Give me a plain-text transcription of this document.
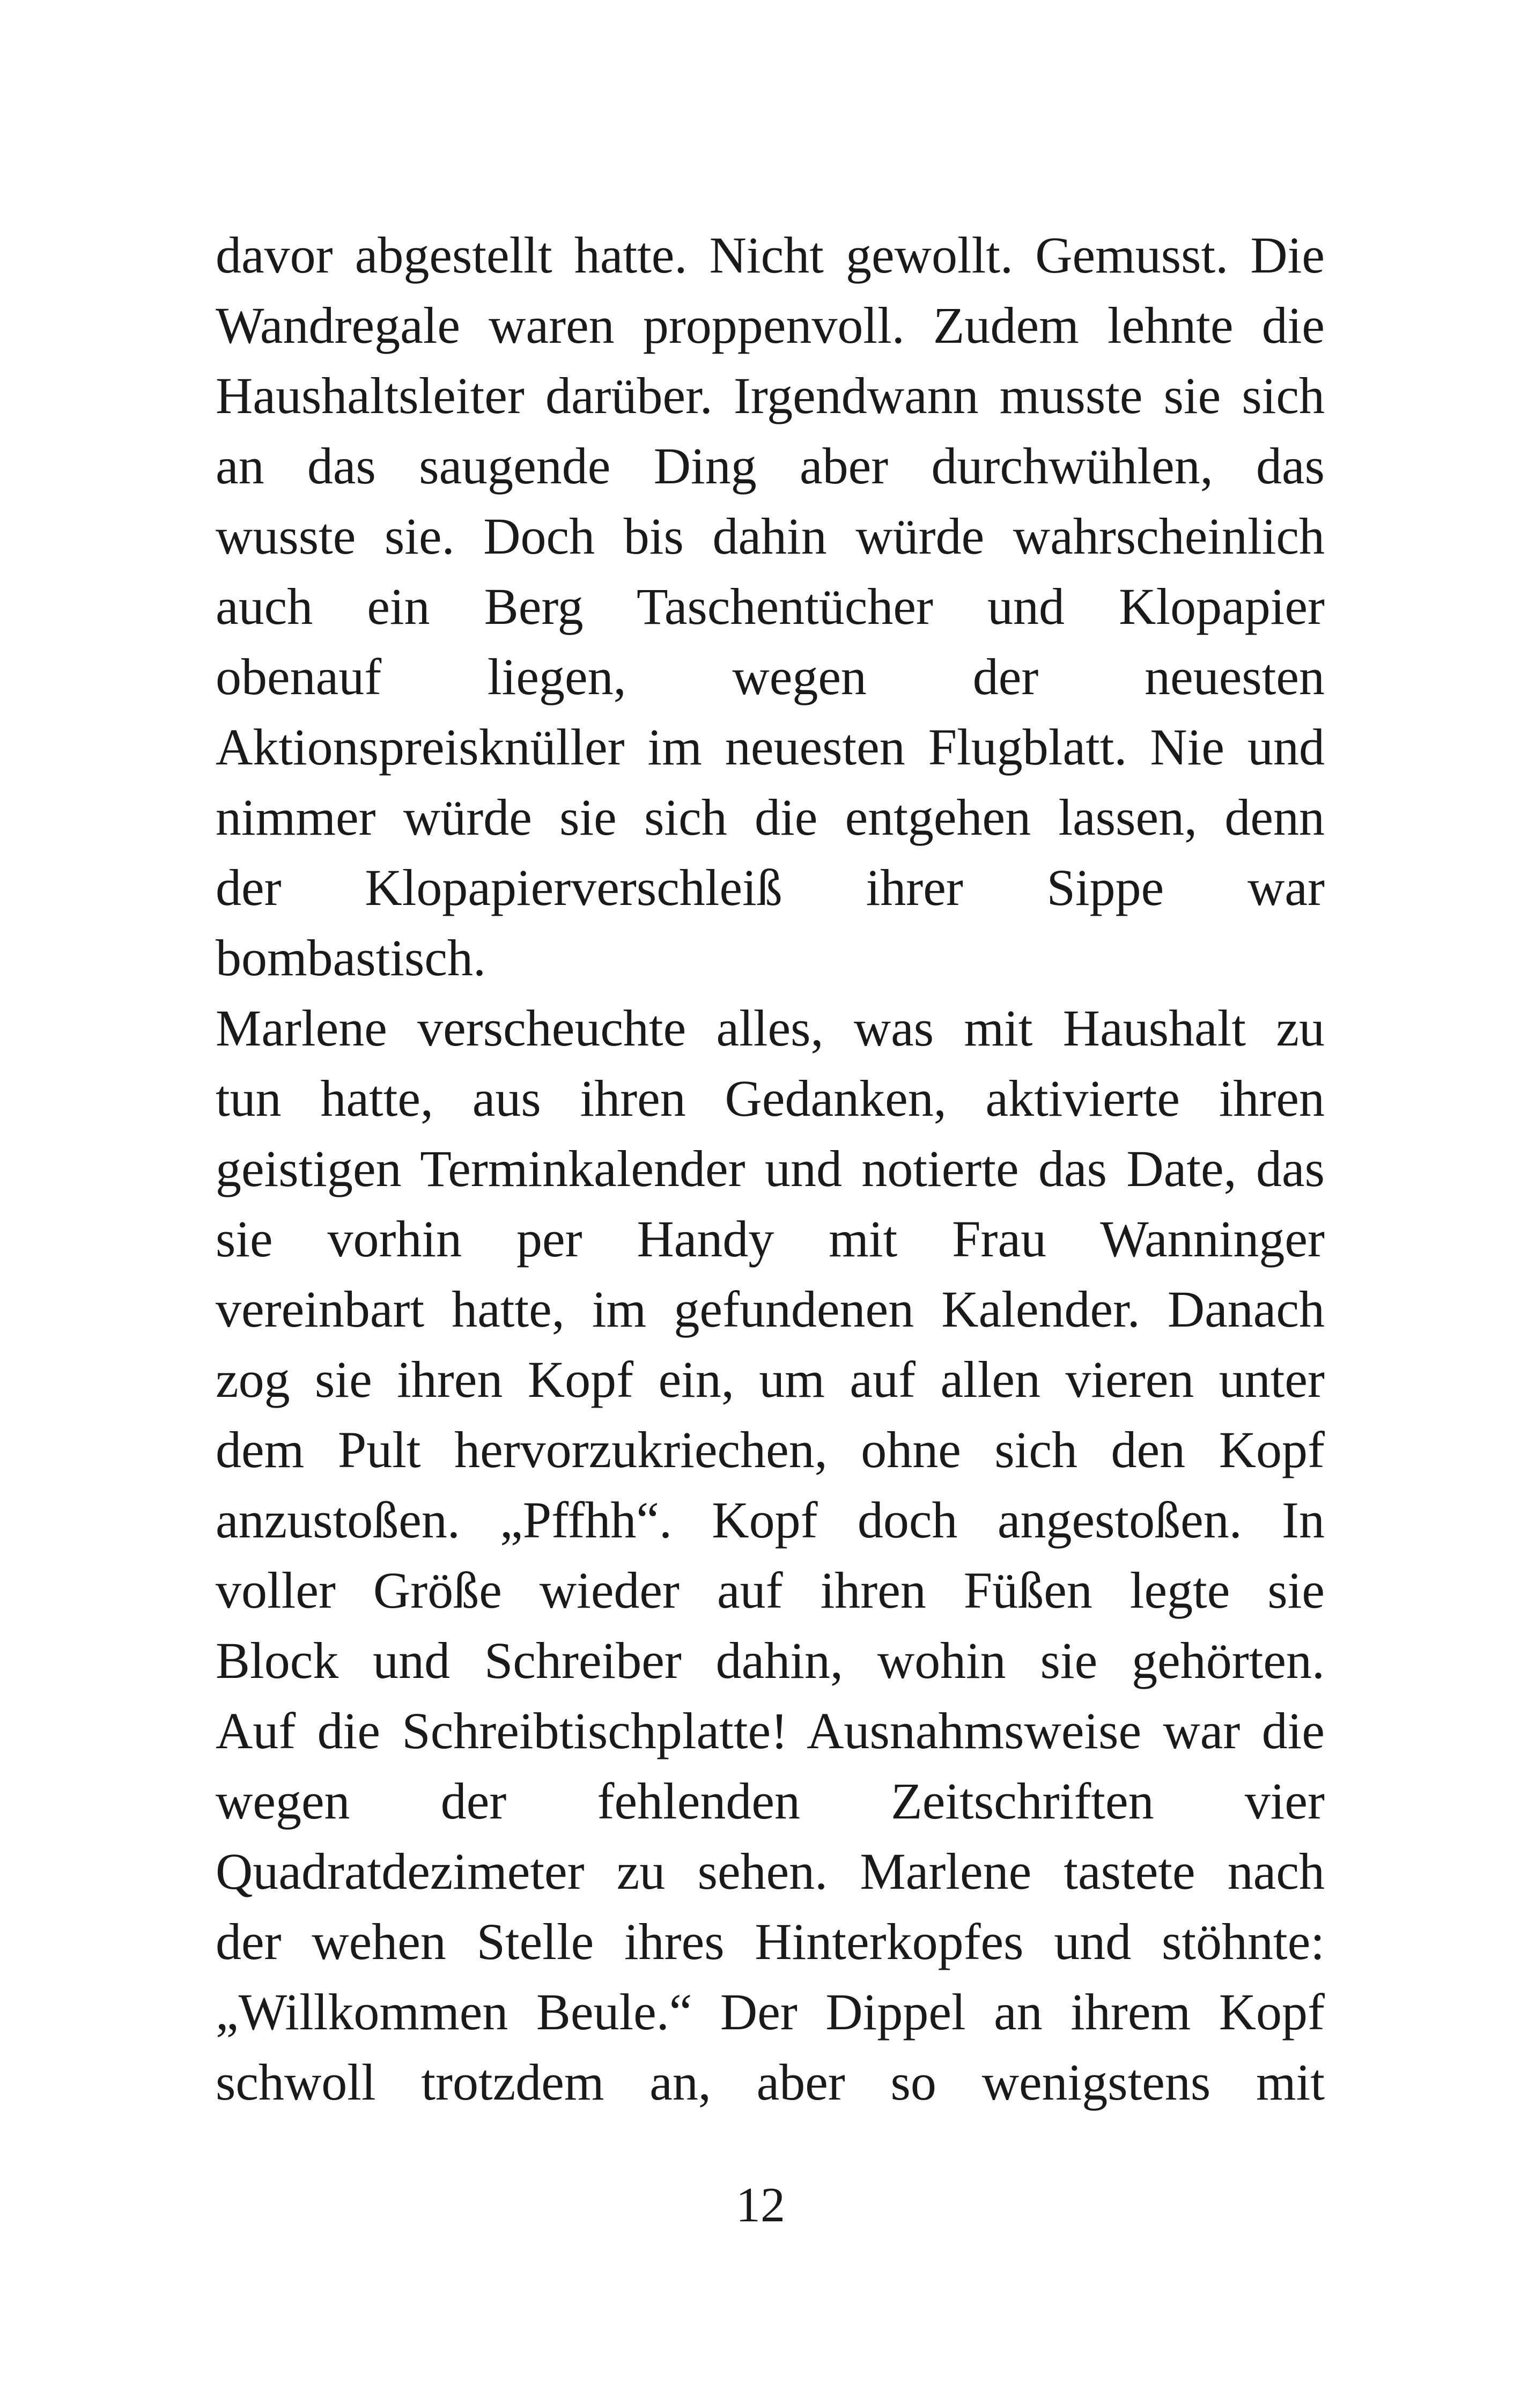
davor abgestellt hatte. Nicht gewollt. Gemusst. Die
Wandregale waren proppenvoll. Zudem lehnte die
Haushaltsleiter darüber. Irgendwann musste sie sich
an das saugende Ding aber durchwühlen, das
wusste sie. Doch bis dahin würde wahrscheinlich
auch ein Berg Taschentücher und Klopapier
obenauf liegen, wegen der neuesten
Aktionspreisknüller im neuesten Flugblatt. Nie und
nimmer würde sie sich die entgehen lassen, denn
der Klopapierverschleiß ihrer Sippe war
bombastisch.
Marlene verscheuchte alles, was mit Haushalt zu
tun hatte, aus ihren Gedanken, aktivierte ihren
geistigen Terminkalender und notierte das Date, das
sie vorhin per Handy mit Frau Wanninger
vereinbart hatte, im gefundenen Kalender. Danach
zog sie ihren Kopf ein, um auf allen vieren unter
dem Pult hervorzukriechen, ohne sich den Kopf
anzustoßen. „Pffhh“. Kopf doch angestoßen. In
voller Größe wieder auf ihren Füßen legte sie
Block und Schreiber dahin, wohin sie gehörten.
Auf die Schreibtischplatte! Ausnahmsweise war die
wegen der fehlenden Zeitschriften vier
Quadratdezimeter zu sehen. Marlene tastete nach
der wehen Stelle ihres Hinterkopfes und stöhnte:
„Willkommen Beule.“ Der Dippel an ihrem Kopf
schwoll trotzdem an, aber so wenigstens mit
12
